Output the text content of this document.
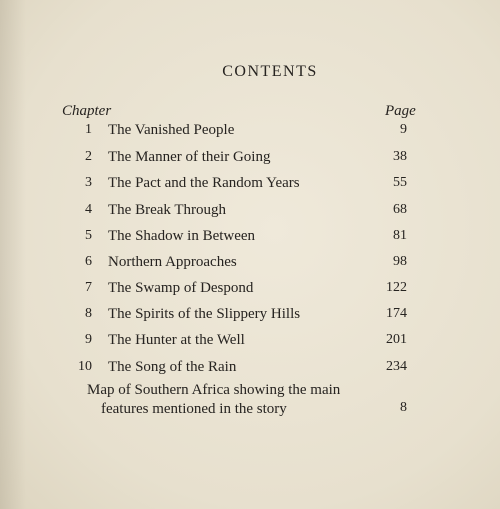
CONTENTS
Chapter	Page
1 The Vanished People	9
2 The Manner of their Going	38
3 The Pact and the Random Years	55
4 The Break Through	68
5 The Shadow in Between	81
6 Northern Approaches	98
7 The Swamp of Despond	122
8 The Spirits of the Slippery Hills	174
9 The Hunter at the Well	201
10 The Song of the Rain	234
Map of Southern Africa showing the main
features mentioned in the story	8
